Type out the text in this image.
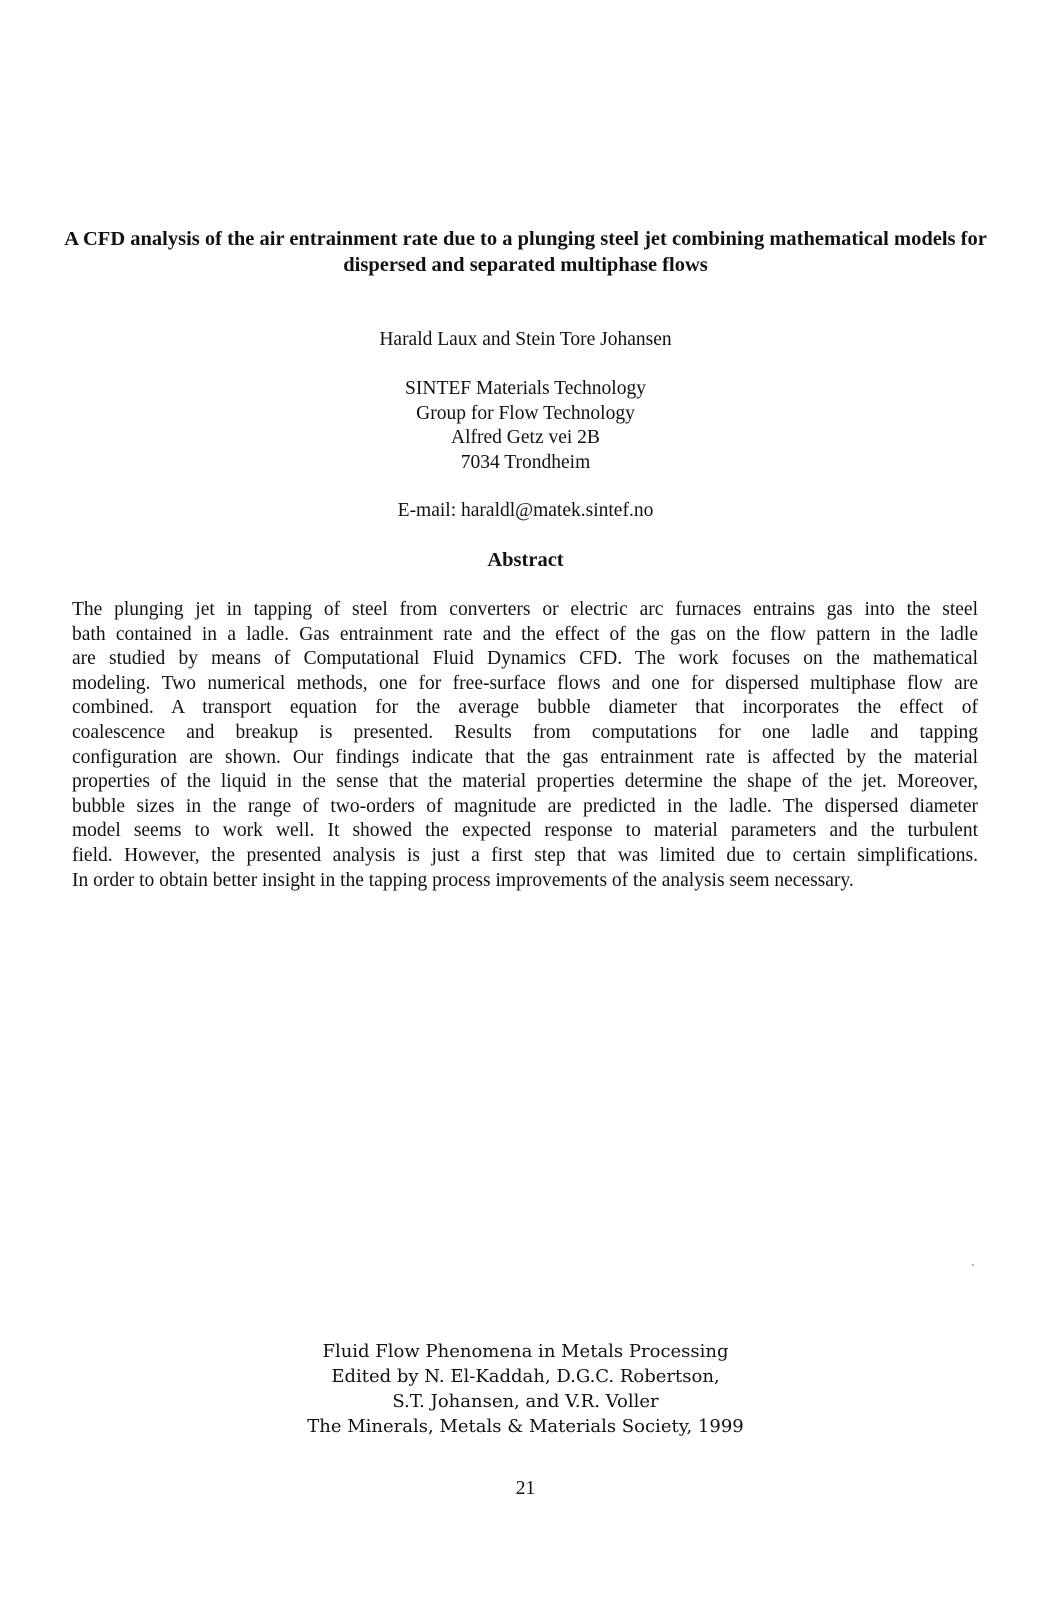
A CFD analysis of the air entrainment rate due to a plunging steel jet combining mathematical models for dispersed and separated multiphase flows
Harald Laux and Stein Tore Johansen
SINTEF Materials Technology
Group for Flow Technology
Alfred Getz vei 2B
7034 Trondheim
E-mail: haraldl@matek.sintef.no
Abstract
The plunging jet in tapping of steel from converters or electric arc furnaces entrains gas into the steel
bath contained in a ladle. Gas entrainment rate and the effect of the gas on the flow pattern in the ladle
are studied by means of Computational Fluid Dynamics CFD. The work focuses on the mathematical
modeling. Two numerical methods, one for free-surface flows and one for dispersed multiphase flow are
combined. A transport equation for the average bubble diameter that incorporates the effect of
coalescence and breakup is presented. Results from computations for one ladle and tapping
configuration are shown. Our findings indicate that the gas entrainment rate is affected by the material
properties of the liquid in the sense that the material properties determine the shape of the jet. Moreover,
bubble sizes in the range of two-orders of magnitude are predicted in the ladle. The dispersed diameter
model seems to work well. It showed the expected response to material parameters and the turbulent
field. However, the presented analysis is just a first step that was limited due to certain simplifications.
In order to obtain better insight in the tapping process improvements of the analysis seem necessary.
Fluid Flow Phenomena in Metals Processing
Edited by N. El-Kaddah, D.G.C. Robertson,
S.T. Johansen, and V.R. Voller
The Minerals, Metals & Materials Society, 1999
21
